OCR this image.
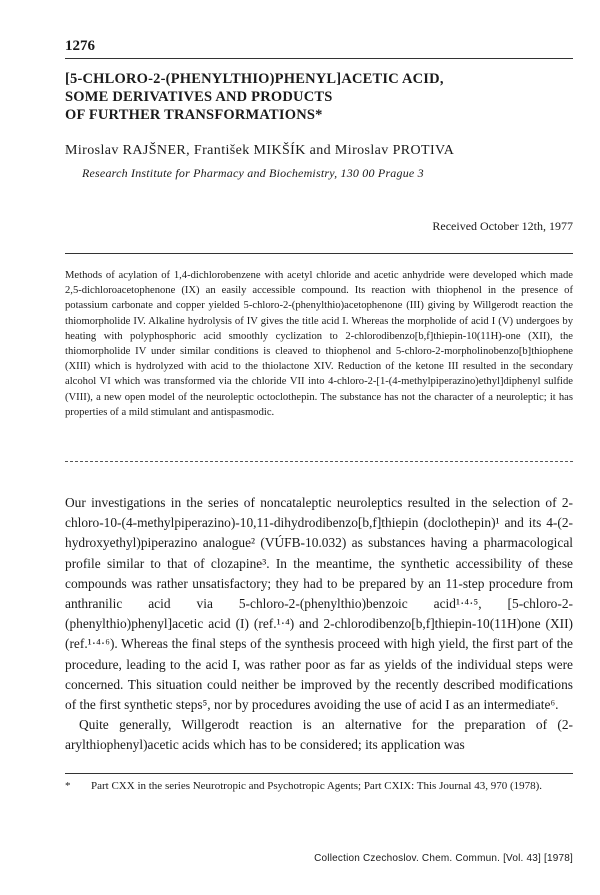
1276
[5-CHLORO-2-(PHENYLTHIO)PHENYL]ACETIC ACID,
SOME DERIVATIVES AND PRODUCTS
OF FURTHER TRANSFORMATIONS*
Miroslav RAJŠNER, František MIKŠÍK and Miroslav PROTIVA
Research Institute for Pharmacy and Biochemistry, 130 00 Prague 3
Received October 12th, 1977

Methods of acylation of 1,4-dichlorobenzene with acetyl chloride and acetic anhydride were developed which made 2,5-dichloroacetophenone (IX) an easily accessible compound. Its reaction with thiophenol in the presence of potassium carbonate and copper yielded 5-chloro-2-(phenylthio)acetophenone (III) giving by Willgerodt reaction the thiomorpholide IV. Alkaline hydrolysis of IV gives the title acid I. Whereas the morpholide of acid I (V) undergoes by heating with polyphosphoric acid smoothly cyclization to 2-chlorodibenzo[b,f]thiepin-10(11H)-one (XII), the thiomorpholide IV under similar conditions is cleaved to thiophenol and 5-chloro-2-morpholinobenzo[b]thiophene (XIII) which is hydrolyzed with acid to the thiolactone XIV. Reduction of the ketone III resulted in the secondary alcohol VI which was transformed via the chloride VII into 4-chloro-2-[1-(4-methylpiperazino)ethyl]diphenyl sulfide (VIII), a new open model of the neuroleptic octoclothepin. The substance has not the character of a neuroleptic; it has properties of a mild stimulant and antispasmodic.

Our investigations in the series of noncataleptic neuroleptics resulted in the selection of 2-chloro-10-(4-methylpiperazino)-10,11-dihydrodibenzo[b,f]thiepin (doclothepin)¹ and its 4-(2-hydroxyethyl)piperazino analogue² (VÚFB-10.032) as substances having a pharmacological profile similar to that of clozapine³. In the meantime, the synthetic accessibility of these compounds was rather unsatisfactory; they had to be prepared by an 11-step procedure from anthranilic acid via 5-chloro-2-(phenylthio)benzoic acid¹·⁴·⁵, [5-chloro-2-(phenylthio)phenyl]acetic acid (I) (ref.¹·⁴) and 2-chlorodibenzo[b,f]thiepin-10(11H)one (XII) (ref.¹·⁴·⁶). Whereas the final steps of the synthesis proceed with high yield, the first part of the procedure, leading to the acid I, was rather poor as far as yields of the individual steps were concerned. This situation could neither be improved by the recently described modifications of the first synthetic steps⁵, nor by procedures avoiding the use of acid I as an intermediate⁶.

Quite generally, Willgerodt reaction is an alternative for the preparation of (2-arylthiophenyl)acetic acids which has to be considered; its application was

* Part CXX in the series Neurotropic and Psychotropic Agents; Part CXIX: This Journal 43, 970 (1978).

Collection Czechoslov. Chem. Commun. [Vol. 43] [1978]
